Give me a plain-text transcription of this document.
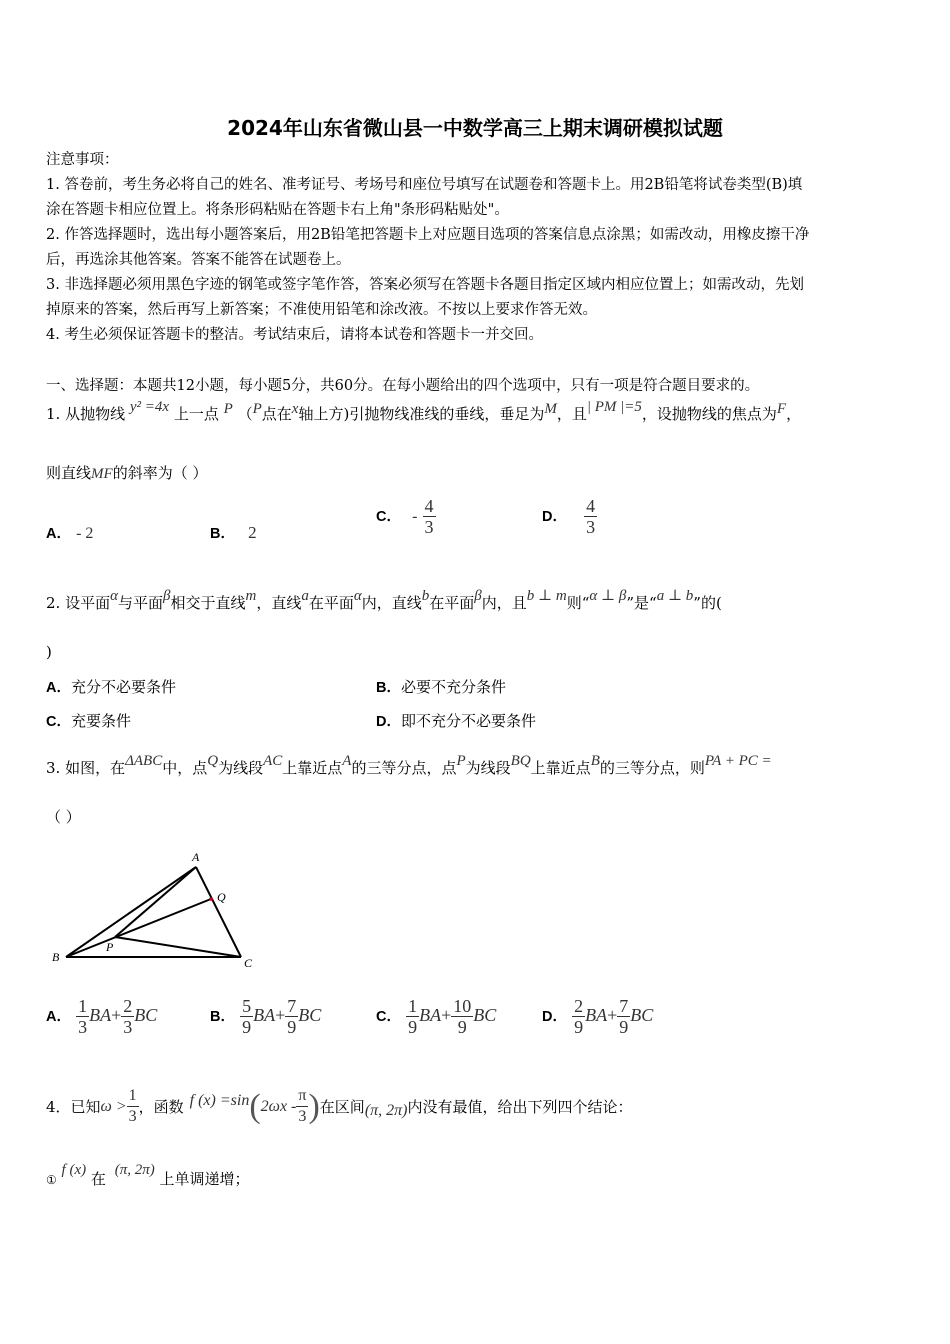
2024年山东省微山县一中数学高三上期末调研模拟试题
注意事项：
1. 答卷前，考生务必将自己的姓名、准考证号、考场号和座位号填写在试题卷和答题卡上。用2B铅笔将试卷类型(B)填
涂在答题卡相应位置上。将条形码粘贴在答题卡右上角"条形码粘贴处"。
2. 作答选择题时，选出每小题答案后，用2B铅笔把答题卡上对应题目选项的答案信息点涂黑；如需改动，用橡皮擦干净
后，再选涂其他答案。答案不能答在试题卷上。
3. 非选择题必须用黑色字迹的钢笔或签字笔作答，答案必须写在答题卡各题目指定区域内相应位置上；如需改动，先划
掉原来的答案，然后再写上新答案；不准使用铅笔和涂改液。不按以上要求作答无效。
4. 考生必须保证答题卡的整洁。考试结束后，请将本试卷和答题卡一并交回。
一、选择题：本题共12小题，每小题5分，共60分。在每小题给出的四个选项中，只有一项是符合题目要求的。
1. 从抛物线 y² =4x 上一点 P （P点在x轴上方)引抛物线准线的垂线，垂足为M，且| PM |=5，设抛物线的焦点为F，
则直线MF的斜率为（ ）
A． - 2	B． 2
C． - $\frac{4}{3}$	D． $\frac{4}{3}$
2. 设平面α与平面β相交于直线m，直线a在平面α内，直线b在平面β内，且b ⊥ m则“α ⊥ β”是“a ⊥ b”的(
)
A．充分不必要条件	B．必要不充分条件
C．充要条件	D．即不充分不必要条件
3. 如图，在ΔABC中，点Q为线段AC上靠近点A的三等分点，点P为线段BQ上靠近点B的三等分点，则PA + PC =
（ ）
A
Q
B
P
C
A． $\frac{1}{3} BA+ \frac{2}{3}$ BC	B． $\frac{5}{9} BA+ \frac{7}{9}$ BC	C． $\frac{1}{9} BA+ \frac{10}{9}$ BC	D． $\frac{2}{9} BA+ \frac{7}{9}$ BC
4．已知 $\omega > \frac{1}{3}$ ，函数 f (x) =sin ( $2\omega x - \frac{\pi}{3}$ ) 在区间 (π, 2π) 内没有最值，给出下列四个结论：
① f (x) 在 (π, 2π) 上单调递增；
